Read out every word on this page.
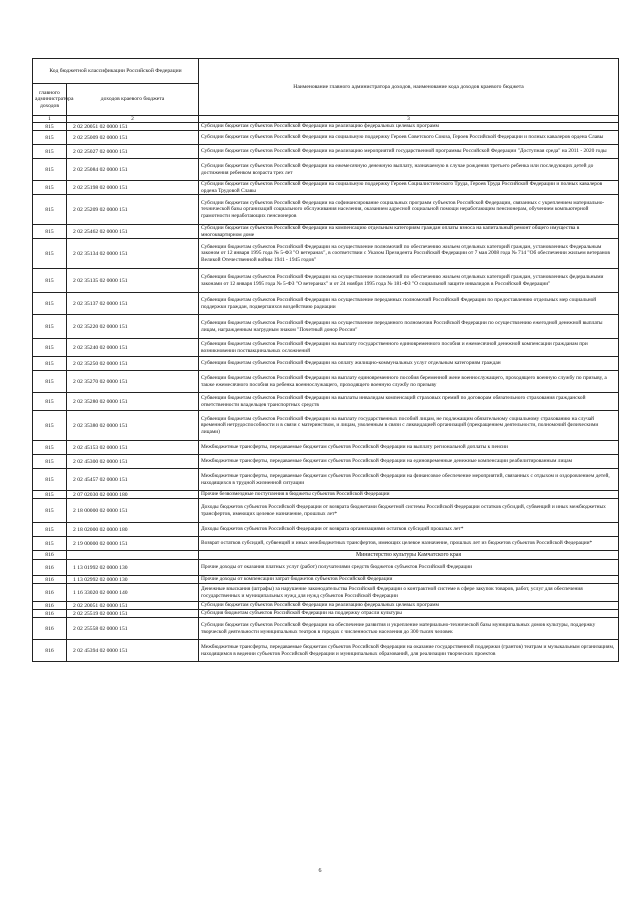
Код бюджетной классификации Российской Федерации		Наименование главного администратора доходов, наименование кода доходов краевого бюджета
главного администратора доходов	доходов краевого бюджета	
1	2	3
815	2 02 20051 02 0000 151	Субсидии бюджетам субъектов Российской Федерации на реализацию федеральных целевых программ
815	2 02 25009 02 0000 151	Субсидии бюджетам субъектов Российской Федерации на социальную поддержку Героев Советского Союза, Героев Российской Федерации и полных кавалеров ордена Славы
815	2 02 25027 02 0000 151	Субсидии бюджетам субъектов Российской Федерации на реализацию мероприятий государственной программы Российской Федерации "Доступная среда" на 2011 - 2020 годы
815	2 02 25084 02 0000 151	Субсидии бюджетам субъектов Российской Федерации на ежемесячную денежную выплату, назначаемую в случае рождения третьего ребенка или последующих детей до достижения ребенком возраста трех лет
815	2 02 25198 02 0000 151	Субсидии бюджетам субъектов Российской Федерации на социальную поддержку Героев Социалистического Труда, Героев Труда Российской Федерации и полных кавалеров ордена Трудовой Славы
815	2 02 25209 02 0000 151	Субсидии бюджетам субъектов Российской Федерации на софинансирование социальных программ субъектов Российской Федерации, связанных с укреплением материально-технической базы организаций социального обслуживания населения, оказанием адресной социальной помощи неработающим пенсионерам, обучением компьютерной грамотности неработающих пенсионеров
815	2 02 25462 02 0000 151	Субсидии бюджетам субъектов Российской Федерации на компенсацию отдельным категориям граждан оплаты взноса на капитальный ремонт общего имущества в многоквартирном доме
815	2 02 35134 02 0000 151	Субвенции бюджетам субъектов Российской Федерации на осуществление полномочий по обеспечению жильем отдельных категорий граждан, установленных Федеральным законом от 12 января 1995 года № 5-ФЗ "О ветеранах", в соответствии с Указом Президента Российской Федерации от 7 мая 2008 года № 714 "Об обеспечении жильем ветеранов Великой Отечественной войны 1941 - 1945 годов"
815	2 02 35135 02 0000 151	Субвенции бюджетам субъектов Российской Федерации на осуществление полномочий по обеспечению жильем отдельных категорий граждан, установленных федеральными законами от 12 января 1995 года № 5-ФЗ "О ветеранах" и от 24 ноября 1995 года № 181-ФЗ "О социальной защите инвалидов в Российской Федерации"
815	2 02 35137 02 0000 151	Субвенции бюджетам субъектов Российской Федерации на осуществление переданных полномочий Российской Федерации по предоставлению отдельных мер социальной поддержки граждан, подвергшихся воздействию радиации
815	2 02 35220 02 0000 151	Субвенции бюджетам субъектов Российской Федерации на осуществление переданного полномочия Российской Федерации по осуществлению ежегодной денежной выплаты лицам, награжденным нагрудным знаком "Почетный донор России"
815	2 02 35240 02 0000 151	Субвенции бюджетам субъектов Российской Федерации на выплату государственного единовременного пособия и ежемесячной денежной компенсации гражданам при возникновении поствакцинальных осложнений
815	2 02 35250 02 0000 151	Субвенции бюджетам субъектов Российской Федерации на оплату жилищно-коммунальных услуг отдельным категориям граждан
815	2 02 35270 02 0000 151	Субвенции бюджетам субъектов Российской Федерации на выплату единовременного пособия беременной жене военнослужащего, проходящего военную службу по призыву, а также ежемесячного пособия на ребенка военнослужащего, проходящего военную службу по призыву
815	2 02 35280 02 0000 151	Субвенции бюджетам субъектов Российской Федерации на выплаты инвалидам компенсаций страховых премий по договорам обязательного страхования гражданской ответственности владельцев транспортных средств
815	2 02 35380 02 0000 151	Субвенции бюджетам субъектов Российской Федерации на выплату государственных пособий лицам, не подлежащим обязательному социальному страхованию на случай временной нетрудоспособности и в связи с материнством, и лицам, уволенным в связи с ликвидацией организаций (прекращением деятельности, полномочий физическими лицами)
815	2 02 45153 02 0000 151	Межбюджетные трансферты, передаваемые бюджетам субъектов Российской Федерации на выплату региональной доплаты к пенсии
815	2 02 45300 02 0000 151	Межбюджетные трансферты, передаваемые бюджетам субъектов Российской Федерации на единовременные денежные компенсации реабилитированным лицам
815	2 02 45457 02 0000 151	Межбюджетные трансферты, передаваемые бюджетам субъектов Российской Федерации на финансовое обеспечение мероприятий, связанных с отдыхом и оздоровлением детей, находящихся в трудной жизненной ситуации
815	2 07 02030 02 0000 180	Прочие безвозмездные поступления в бюджеты субъектов Российской Федерации
815	2 18 00000 02 0000 151	Доходы бюджетов субъектов Российской Федерации от возврата бюджетами бюджетной системы Российской Федерации остатков субсидий, субвенций и иных межбюджетных трансфертов, имеющих целевое назначение, прошлых лет*
815	2 18 02000 02 0000 180	Доходы бюджетов субъектов Российской Федерации от возврата организациями остатков субсидий прошлых лет*
815	2 19 00000 02 0000 151	Возврат остатков субсидий, субвенций и иных межбюджетных трансфертов, имеющих целевое назначение, прошлых лет из бюджетов субъектов Российской Федерации*
816		Министерство культуры Камчатского края
816	1 13 01992 02 0000 130	Прочие доходы от оказания платных услуг (работ) получателями средств бюджетов субъектов Российской Федерации
816	1 13 02992 02 0000 130	Прочие доходы от компенсации затрат бюджетов субъектов Российской Федерации
816	1 16 33020 02 0000 140	Денежные взыскания (штрафы) за нарушение законодательства Российской Федерации о контрактной системе в сфере закупок товаров, работ, услуг для обеспечения государственных и муниципальных нужд для нужд субъектов Российской Федерации
816	2 02 20051 02 0000 151	Субсидии бюджетам субъектов Российской Федерации на реализацию федеральных целевых программ
816	2 02 25519 02 0000 151	Субсидия бюджетам субъектов Российской Федерации на поддержку отрасли культуры
816	2 02 25558 02 0000 151	Субсидии бюджетам субъектов Российской Федерации на обеспечение развития и укрепление материально-технической базы муниципальных домов культуры, поддержку творческой деятельности муниципальных театров в городах с численностью населения до 300 тысяч человек
816	2 02 45394 02 0000 151	Межбюджетные трансферты, передаваемые бюджетам субъектов Российской Федерации на оказание государственной поддержки (грантов) театрам и музыкальным организациям, находящимся в ведении субъектов Российской Федерации и муниципальных образований, для реализации творческих проектов
6
